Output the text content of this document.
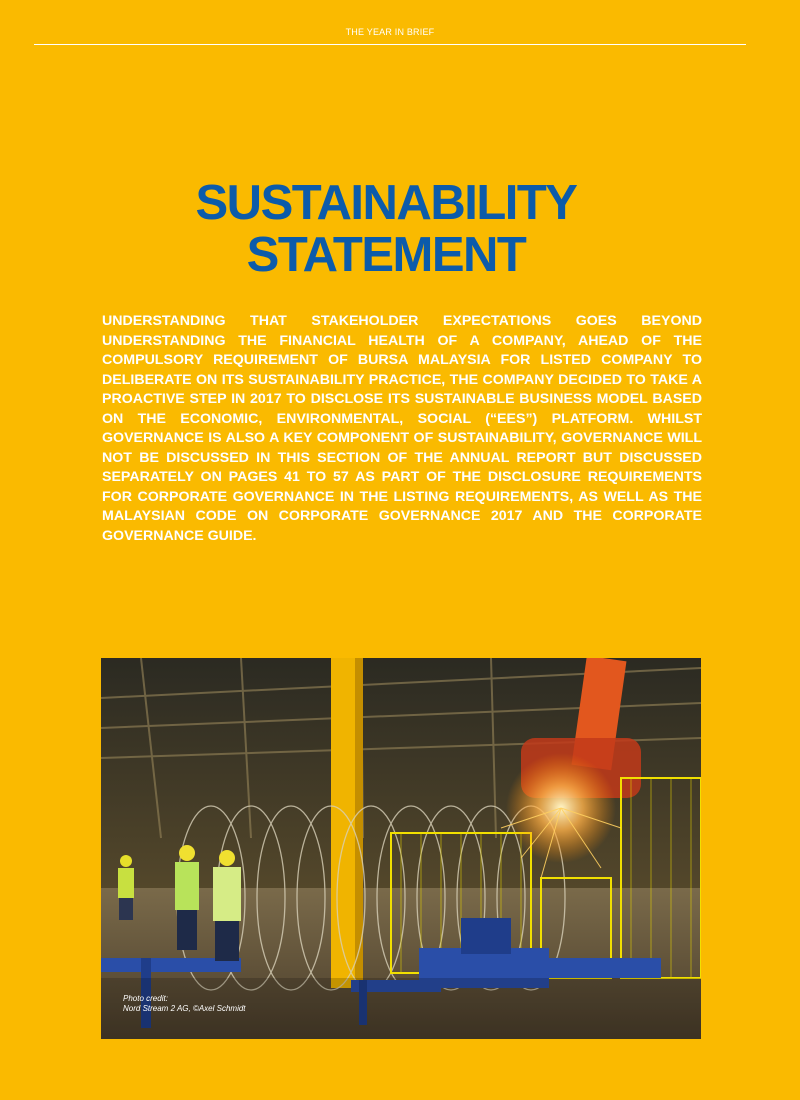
THE YEAR IN BRIEF
SUSTAINABILITY
STATEMENT

UNDERSTANDING THAT STAKEHOLDER EXPECTATIONS GOES BEYOND UNDERSTANDING THE FINANCIAL HEALTH OF A COMPANY, AHEAD OF THE COMPULSORY REQUIREMENT OF BURSA MALAYSIA FOR LISTED COMPANY TO DELIBERATE ON ITS SUSTAINABILITY PRACTICE, THE COMPANY DECIDED TO TAKE A PROACTIVE STEP IN 2017 TO DISCLOSE ITS SUSTAINABLE BUSINESS MODEL BASED ON THE ECONOMIC, ENVIRONMENTAL, SOCIAL (“EES”) PLATFORM. WHILST GOVERNANCE IS ALSO A KEY COMPONENT OF SUSTAINABILITY, GOVERNANCE WILL NOT BE DISCUSSED IN THIS SECTION OF THE ANNUAL REPORT BUT DISCUSSED SEPARATELY ON PAGES 41 TO 57 AS PART OF THE DISCLOSURE REQUIREMENTS FOR CORPORATE GOVERNANCE IN THE LISTING REQUIREMENTS, AS WELL AS THE MALAYSIAN CODE ON CORPORATE GOVERNANCE 2017 AND THE CORPORATE GOVERNANCE GUIDE.

Photo credit:
Nord Stream 2 AG, ©Axel Schmidt
